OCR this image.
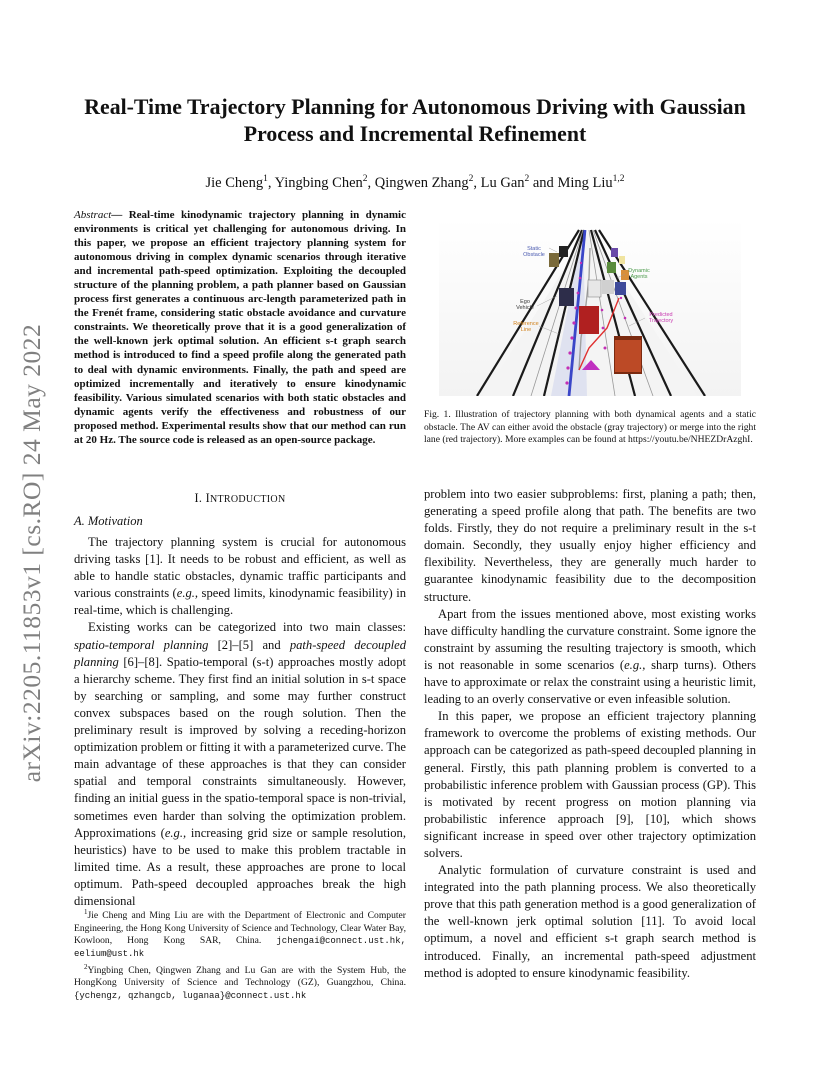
arXiv:2205.11853v1 [cs.RO] 24 May 2022
Real-Time Trajectory Planning for Autonomous Driving with Gaussian Process and Incremental Refinement
Jie Cheng$^1$, Yingbing Chen$^2$, Qingwen Zhang$^2$, Lu Gan$^2$ and Ming Liu$^{1,2}$
Abstract— Real-time kinodynamic trajectory planning in dynamic environments is critical yet challenging for autonomous driving. In this paper, we propose an efficient trajectory planning system for autonomous driving in complex dynamic scenarios through iterative and incremental path-speed optimization. Exploiting the decoupled structure of the planning problem, a path planner based on Gaussian process first generates a continuous arc-length parameterized path in the Frenét frame, considering static obstacle avoidance and curvature constraints. We theoretically prove that it is a good generalization of the well-known jerk optimal solution. An efficient s-t graph search method is introduced to find a speed profile along the generated path to deal with dynamic environments. Finally, the path and speed are optimized incrementally and iteratively to ensure kinodynamic feasibility. Various simulated scenarios with both static obstacles and dynamic agents verify the effectiveness and robustness of our proposed method. Experimental results show that our method can run at 20 Hz. The source code is released as an open-source package.
Static Obstacle
Dynamic Agents
Ego Vehicle
Predicted Trajectory
Reference Line
Fig. 1. Illustration of trajectory planning with both dynamical agents and a static obstacle. The AV can either avoid the obstacle (gray trajectory) or merge into the right lane (red trajectory). More examples can be found at https://youtu.be/NHEZDrAzghI.
I. INTRODUCTION
A. Motivation

The trajectory planning system is crucial for autonomous driving tasks [1]. It needs to be robust and efficient, as well as able to handle static obstacles, dynamic traffic participants and various constraints (e.g., speed limits, kinodynamic feasibility) in real-time, which is challenging.

Existing works can be categorized into two main classes: spatio-temporal planning [2]–[5] and path-speed decoupled planning [6]–[8]. Spatio-temporal (s-t) approaches mostly adopt a hierarchy scheme. They first find an initial solution in s-t space by searching or sampling, and some may further construct convex subspaces based on the rough solution. Then the preliminary result is improved by solving a receding-horizon optimization problem or fitting it with a parameterized curve. The main advantage of these approaches is that they can consider spatial and temporal constraints simultaneously. However, finding an initial guess in the spatio-temporal space is non-trivial, sometimes even harder than solving the optimization problem. Approximations (e.g., increasing grid size or sample resolution, heuristics) have to be used to make this problem tractable in limited time. As a result, these approaches are prone to local optimum. Path-speed decoupled approaches break the high dimensional

problem into two easier subproblems: first, planing a path; then, generating a speed profile along that path. The benefits are two folds. Firstly, they do not require a preliminary result in the s-t domain. Secondly, they usually enjoy higher efficiency and flexibility. Nevertheless, they are generally much harder to guarantee kinodynamic feasibility due to the decomposition structure.

Apart from the issues mentioned above, most existing works have difficulty handling the curvature constraint. Some ignore the constraint by assuming the resulting trajectory is smooth, which is not reasonable in some scenarios (e.g., sharp turns). Others have to approximate or relax the constraint using a heuristic limit, leading to an overly conservative or even infeasible solution.

In this paper, we propose an efficient trajectory planning framework to overcome the problems of existing methods. Our approach can be categorized as path-speed decoupled planning in general. Firstly, this path planning problem is converted to a probabilistic inference problem with Gaussian process (GP). This is motivated by recent progress on motion planning via probabilistic inference approach [9], [10], which shows significant increase in speed over other trajectory optimization solvers.

Analytic formulation of curvature constraint is used and integrated into the path planning process. We also theoretically prove that this path generation method is a good generalization of the well-known jerk optimal solution [11]. To avoid local optimum, a novel and efficient s-t graph search method is introduced. Finally, an incremental path-speed adjustment method is adopted to ensure kinodynamic feasibility.

$^1$Jie Cheng and Ming Liu are with the Department of Electronic and Computer Engineering, the Hong Kong University of Science and Technology, Clear Water Bay, Kowloon, Hong Kong SAR, China. jchengai@connect.ust.hk, eelium@ust.hk

$^2$Yingbing Chen, Qingwen Zhang and Lu Gan are with the System Hub, the HongKong University of Science and Technology (GZ), Guangzhou, China. {ychengz, qzhangcb, luganaa}@connect.ust.hk
